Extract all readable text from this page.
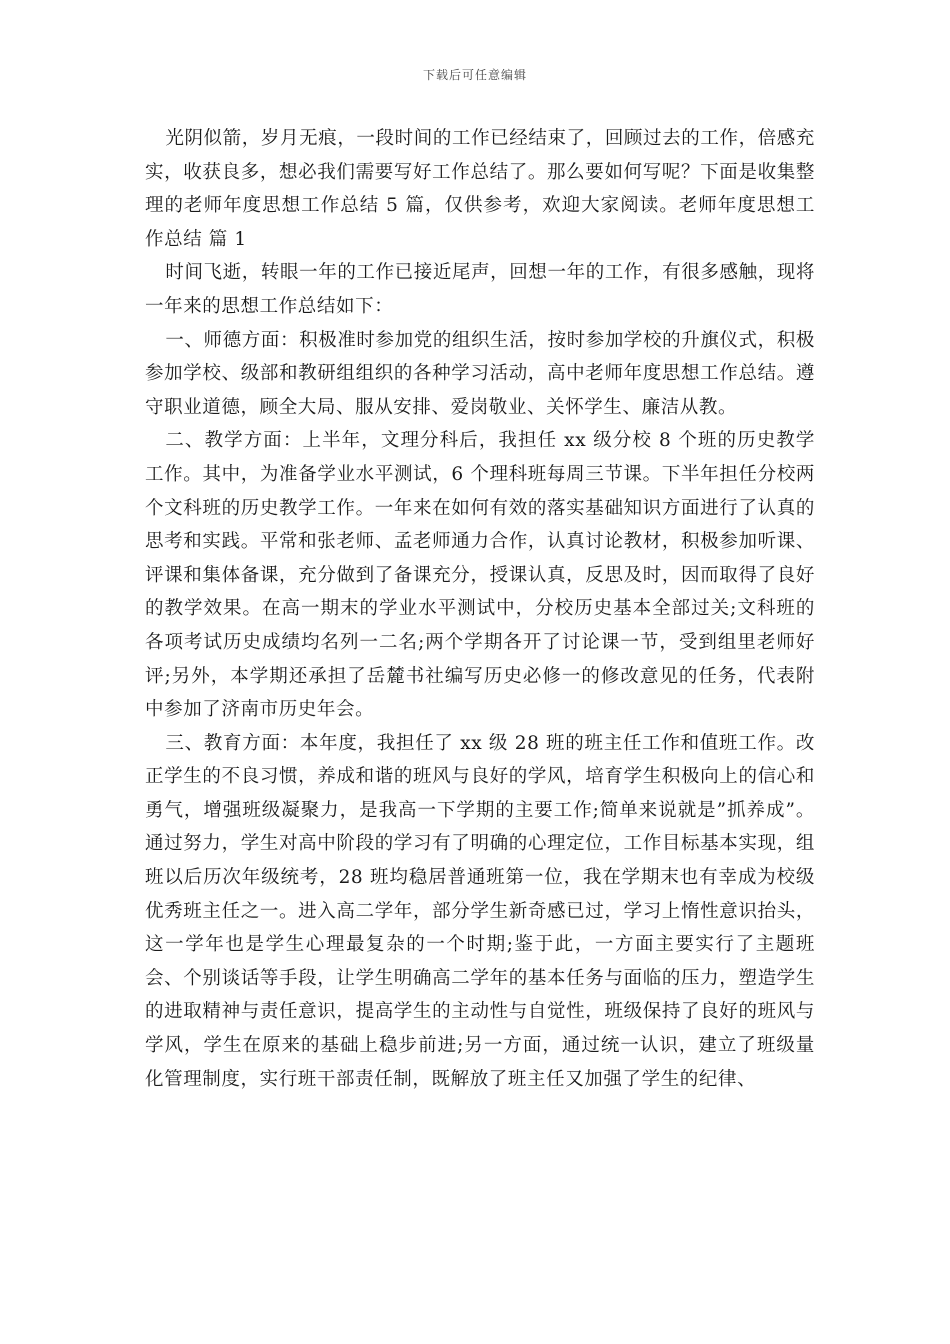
下载后可任意编辑

光阴似箭，岁月无痕，一段时间的工作已经结束了，回顾过去的工作，倍感充实，收获良多，想必我们需要写好工作总结了。那么要如何写呢？下面是收集整理的老师年度思想工作总结 5 篇，仅供参考，欢迎大家阅读。老师年度思想工作总结 篇 1

时间飞逝，转眼一年的工作已接近尾声，回想一年的工作，有很多感触，现将一年来的思想工作总结如下：

一、师德方面：积极准时参加党的组织生活，按时参加学校的升旗仪式，积极参加学校、级部和教研组组织的各种学习活动，高中老师年度思想工作总结。遵守职业道德，顾全大局、服从安排、爱岗敬业、关怀学生、廉洁从教。

二、教学方面：上半年，文理分科后，我担任 xx 级分校 8 个班的历史教学工作。其中，为准备学业水平测试，6 个理科班每周三节课。下半年担任分校两个文科班的历史教学工作。一年来在如何有效的落实基础知识方面进行了认真的思考和实践。平常和张老师、孟老师通力合作，认真讨论教材，积极参加听课、评课和集体备课，充分做到了备课充分，授课认真，反思及时，因而取得了良好的教学效果。在高一期末的学业水平测试中，分校历史基本全部过关;文科班的各项考试历史成绩均名列一二名;两个学期各开了讨论课一节，受到组里老师好评;另外，本学期还承担了岳麓书社编写历史必修一的修改意见的任务，代表附中参加了济南市历史年会。

三、教育方面：本年度，我担任了 xx 级 28 班的班主任工作和值班工作。改正学生的不良习惯，养成和谐的班风与良好的学风，培育学生积极向上的信心和勇气，增强班级凝聚力，是我高一下学期的主要工作;简单来说就是”抓养成”。通过努力，学生对高中阶段的学习有了明确的心理定位，工作目标基本实现，组班以后历次年级统考，28 班均稳居普通班第一位，我在学期末也有幸成为校级优秀班主任之一。进入高二学年，部分学生新奇感已过，学习上惰性意识抬头，这一学年也是学生心理最复杂的一个时期;鉴于此，一方面主要实行了主题班会、个别谈话等手段，让学生明确高二学年的基本任务与面临的压力，塑造学生的进取精神与责任意识，提高学生的主动性与自觉性，班级保持了良好的班风与学风，学生在原来的基础上稳步前进;另一方面，通过统一认识，建立了班级量化管理制度，实行班干部责任制，既解放了班主任又加强了学生的纪律、
